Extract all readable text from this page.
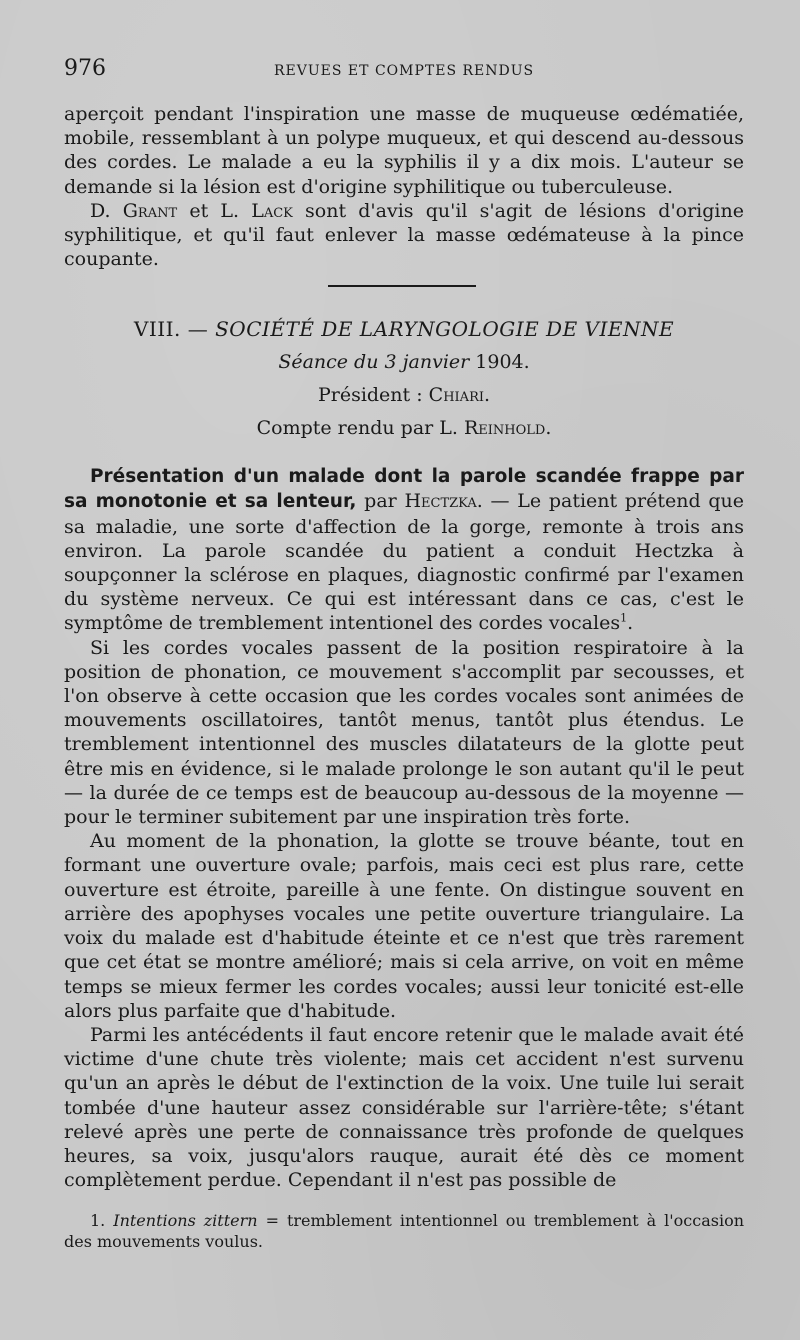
976	REVUES ET COMPTES RENDUS

aperçoit pendant l'inspiration une masse de muqueuse œdématiée, mobile, ressemblant à un polype muqueux, et qui descend au-dessous des cordes. Le malade a eu la syphilis il y a dix mois. L'auteur se demande si la lésion est d'origine syphilitique ou tuberculeuse.

D. Grant et L. Lack sont d'avis qu'il s'agit de lésions d'origine syphilitique, et qu'il faut enlever la masse œdémateuse à la pince coupante.

VIII. — SOCIÉTÉ DE LARYNGOLOGIE DE VIENNE

Séance du 3 janvier 1904.

Président : Chiari.

Compte rendu par L. Reinhold.

Présentation d'un malade dont la parole scandée frappe par sa monotonie et sa lenteur, par Hectzka. — Le patient prétend que sa maladie, une sorte d'affection de la gorge, remonte à trois ans environ. La parole scandée du patient a conduit Hectzka à soupçonner la sclérose en plaques, diagnostic confirmé par l'examen du système nerveux. Ce qui est intéressant dans ce cas, c'est le symptôme de tremblement intentionel des cordes vocales$^1$.

Si les cordes vocales passent de la position respiratoire à la position de phonation, ce mouvement s'accomplit par secousses, et l'on observe à cette occasion que les cordes vocales sont animées de mouvements oscillatoires, tantôt menus, tantôt plus étendus. Le tremblement intentionnel des muscles dilatateurs de la glotte peut être mis en évidence, si le malade prolonge le son autant qu'il le peut — la durée de ce temps est de beaucoup au-dessous de la moyenne — pour le terminer subitement par une inspiration très forte.

Au moment de la phonation, la glotte se trouve béante, tout en formant une ouverture ovale; parfois, mais ceci est plus rare, cette ouverture est étroite, pareille à une fente. On distingue souvent en arrière des apophyses vocales une petite ouverture triangulaire. La voix du malade est d'habitude éteinte et ce n'est que très rarement que cet état se montre amélioré; mais si cela arrive, on voit en même temps se mieux fermer les cordes vocales; aussi leur tonicité est-elle alors plus parfaite que d'habitude.

Parmi les antécédents il faut encore retenir que le malade avait été victime d'une chute très violente; mais cet accident n'est survenu qu'un an après le début de l'extinction de la voix. Une tuile lui serait tombée d'une hauteur assez considérable sur l'arrière-tête; s'étant relevé après une perte de connaissance très profonde de quelques heures, sa voix, jusqu'alors rauque, aurait été dès ce moment complètement perdue. Cependant il n'est pas possible de

1. Intentions zittern = tremblement intentionnel ou tremblement à l'occasion des mouvements voulus.
